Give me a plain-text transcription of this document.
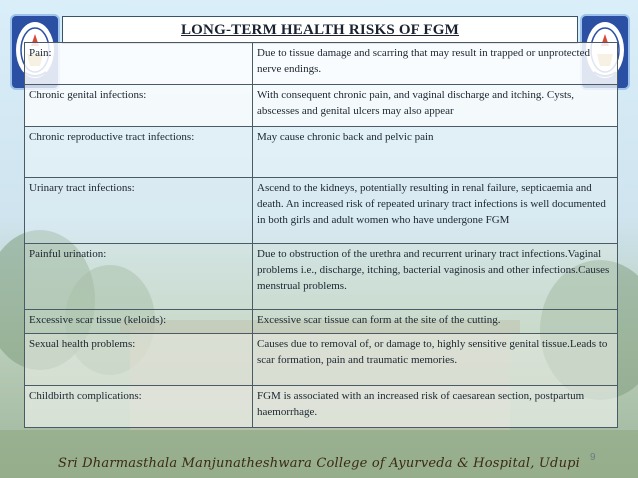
LONG-TERM HEALTH RISKS OF FGM
Pain:	Due to tissue damage and scarring that may result in trapped or unprotected nerve endings.
Chronic genital infections:	With consequent chronic pain, and vaginal discharge and itching. Cysts, abscesses and genital ulcers may also appear
Chronic reproductive tract infections:	May cause chronic back and pelvic pain
Urinary tract infections:	Ascend to the kidneys, potentially resulting in renal failure, septicaemia and death. An increased risk of repeated urinary tract infections is well documented in both girls and adult women who have undergone FGM
Painful urination:	Due to obstruction of the urethra and recurrent urinary tract infections.Vaginal problems i.e., discharge, itching, bacterial vaginosis and other infections.Causes menstrual problems.
Excessive scar tissue (keloids):	Excessive scar tissue can form at the site of the cutting.
Sexual health problems:	Causes due to removal of, or damage to, highly sensitive genital tissue.Leads to scar formation, pain and traumatic memories.
Childbirth complications:	FGM is associated with an increased risk of caesarean section, postpartum haemorrhage.
9
Sri Dharmasthala Manjunatheshwara College of Ayurveda & Hospital, Udupi
